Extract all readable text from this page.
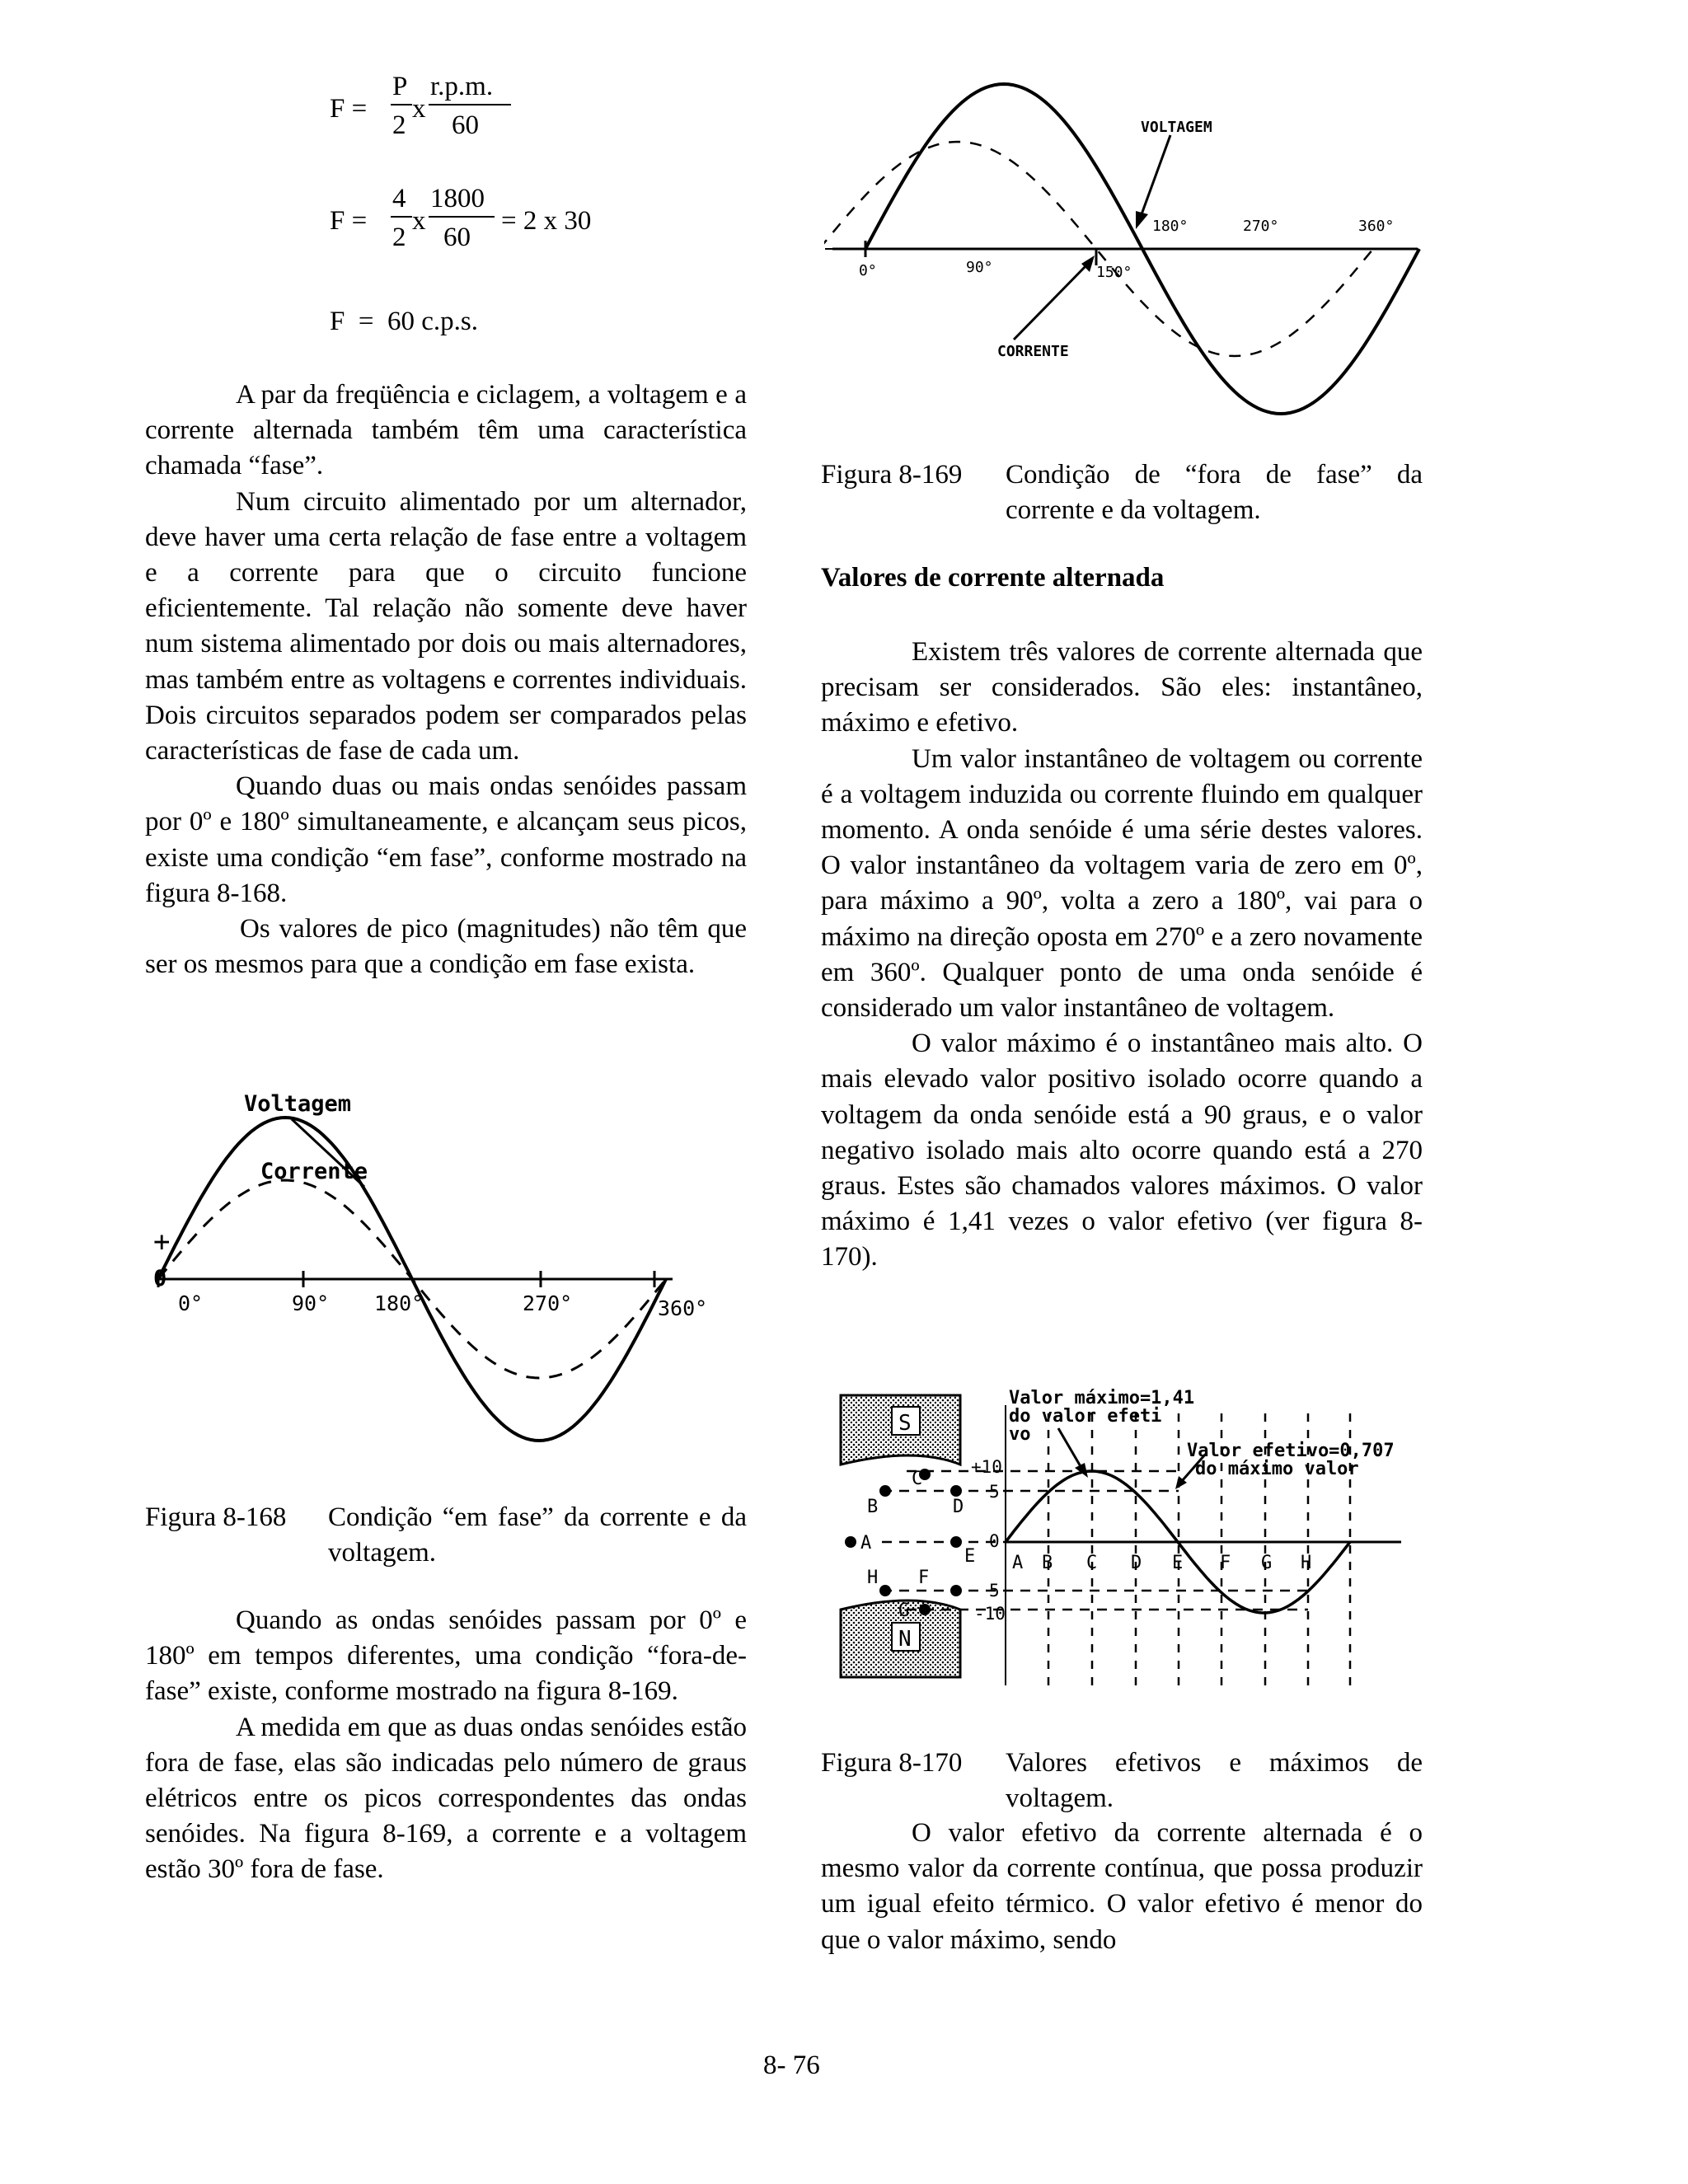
F =
P
2
x
r.p.m.
60
F =
4
2
x
1800
60
= 2 x 30
F  =  60 c.p.s.

A par da freqüência e ciclagem, a voltagem e a corrente alternada também têm uma característica chamada “fase”.

Num circuito alimentado por um alternador, deve haver uma certa relação de fase entre a voltagem e a corrente para que o circuito funcione eficientemente. Tal relação não somente deve haver num sistema alimentado por dois ou mais alternadores, mas também entre as voltagens e correntes individuais. Dois circuitos separados podem ser comparados pelas características de fase de cada um.

Quando duas ou mais ondas senóides passam por 0º e 180º simultaneamente, e alcançam seus picos, existe uma condição “em fase”, conforme mostrado na figura 8-168.

Os valores de pico (magnitudes) não têm que ser os mesmos para que a condição em fase exista.

Voltagem
Corrente
+
0
0°	90° 180°	270°	360°
Figura 8-168 Condição “em fase” da corrente e da voltagem.

Quando as ondas senóides passam por 0º e 180º em tempos diferentes, uma condição “fora-de-fase” existe, conforme mostrado na figura 8-169.

A medida em que as duas ondas senóides estão fora de fase, elas são indicadas pelo número de graus elétricos entre os picos correspondentes das ondas senóides. Na figura 8-169, a corrente e a voltagem estão 30º fora de fase.

VOLTAGEM
CORRENTE
0°	90°	150°
180°	270°	360°
Figura 8-169 Condição de “fora de fase” da corrente e da voltagem.
Valores de corrente alternada

Existem três valores de corrente alternada que precisam ser considerados. São eles: instantâneo, máximo e efetivo.

Um valor instantâneo de voltagem ou corrente é a voltagem induzida ou corrente fluindo em qualquer momento. A onda senóide é uma série destes valores. O valor instantâneo da voltagem varia de zero em 0º, para máximo a 90º, volta a zero a 180º, vai para o máximo na direção oposta em 270º e a zero novamente em 360º. Qualquer ponto de uma onda senóide é considerado um valor instantâneo de voltagem.

O valor máximo é o instantâneo mais alto. O mais elevado valor positivo isolado ocorre quando a voltagem da onda senóide está a 90 graus, e o valor negativo isolado mais alto ocorre quando está a 270 graus. Estes são chamados valores máximos. O valor máximo é 1,41 vezes o valor efetivo (ver figura 8-170).

S
N
Valor máximo=1,41
do valor efeti
vo
Valor efetivo=0,707
do máximo valor
+10
5
0
5
-10
A B C D E F G H
B
C
D
A
E
H F
G
Figura 8-170 Valores efetivos e máximos de voltagem.

O valor efetivo da corrente alternada é o mesmo valor da corrente contínua, que possa produzir um igual efeito térmico. O valor efetivo é menor do que o valor máximo, sendo

8- 76
